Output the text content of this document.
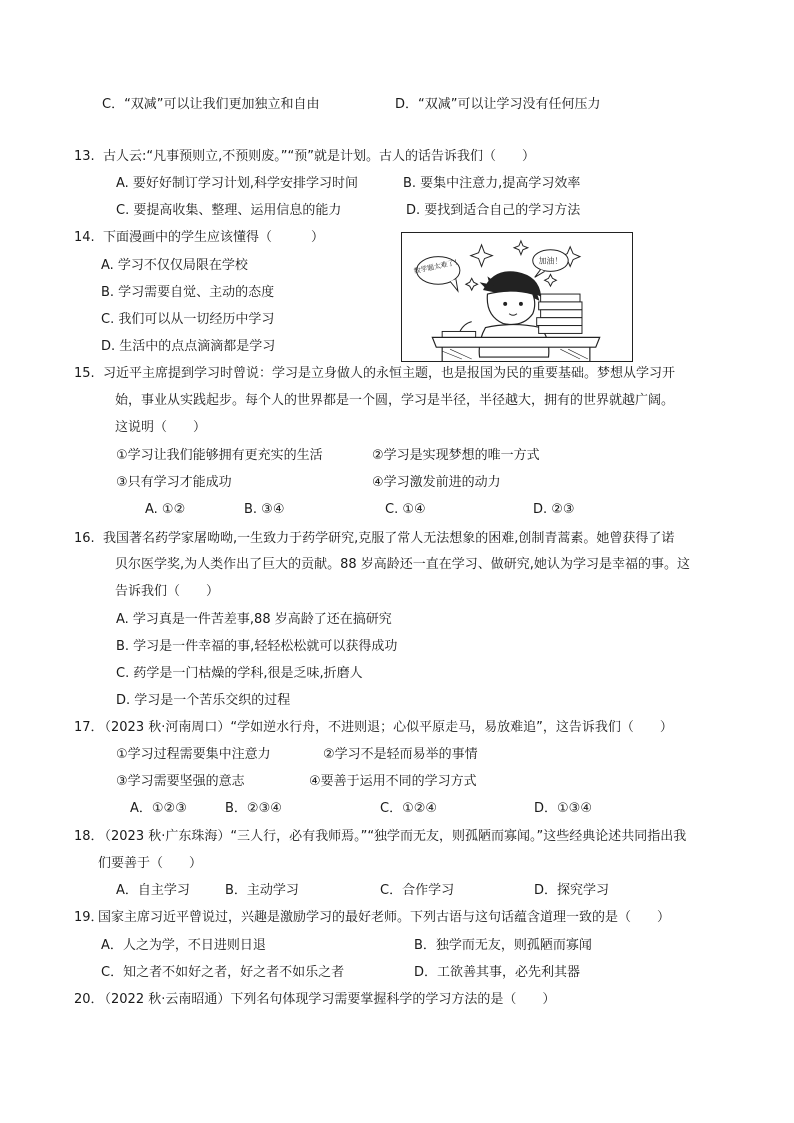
C．“双减”可以让我们更加独立和自由	D．“双减”可以让学习没有任何压力
13. 古人云:“凡事预则立,不预则废。”“预”就是计划。古人的话告诉我们（　　）
A. 要好好制订学习计划,科学安排学习时间	B. 要集中注意力,提高学习效率
C. 要提高收集、整理、运用信息的能力	D. 要找到适合自己的学习方法
14. 下面漫画中的学生应该懂得（　　　）
A. 学习不仅仅局限在学校
B. 学习需要自觉、主动的态度
C. 我们可以从一切经历中学习
D. 生活中的点点滴滴都是学习
数学题太难了！	加油！
15. 习近平主席提到学习时曾说：学习是立身做人的永恒主题，也是报国为民的重要基础。梦想从学习开
始，事业从实践起步。每个人的世界都是一个圆，学习是半径，半径越大，拥有的世界就越广阔。
这说明（　　）
①学习让我们能够拥有更充实的生活	②学习是实现梦想的唯一方式
③只有学习才能成功	④学习激发前进的动力
A. ①②	B. ③④	C. ①④	D. ②③
16. 我国著名药学家屠呦呦,一生致力于药学研究,克服了常人无法想象的困难,创制青蒿素。她曾获得了诺
贝尔医学奖,为人类作出了巨大的贡献。88 岁高龄还一直在学习、做研究,她认为学习是幸福的事。这
告诉我们（　　）
A. 学习真是一件苦差事,88 岁高龄了还在搞研究
B. 学习是一件幸福的事,轻轻松松就可以获得成功
C. 药学是一门枯燥的学科,很是乏味,折磨人
D. 学习是一个苦乐交织的过程
17．
（2023 秋·河南周口）“学如逆水行舟，不进则退；心似平原走马，易放难追”，这告诉我们（　　）
①学习过程需要集中注意力	②学习不是轻而易举的事情
③学习需要坚强的意志	④要善于运用不同的学习方式
A．①②③	B．②③④	C．①②④	D．①③④
18．
（2023 秋·广东珠海）“三人行，必有我师焉。”“独学而无友，则孤陋而寡闻。”这些经典论述共同指出我
们要善于（　　）
A．自主学习	B．主动学习	C．合作学习	D．探究学习
19．
国家主席习近平曾说过，兴趣是激励学习的最好老师。下列古语与这句话蕴含道理一致的是（　　）
A．人之为学，不日进则日退	B．独学而无友，则孤陋而寡闻
C．知之者不如好之者，好之者不如乐之者	D．工欲善其事，必先利其器
20．
（2022 秋·云南昭通）下列名句体现学习需要掌握科学的学习方法的是（　　）
